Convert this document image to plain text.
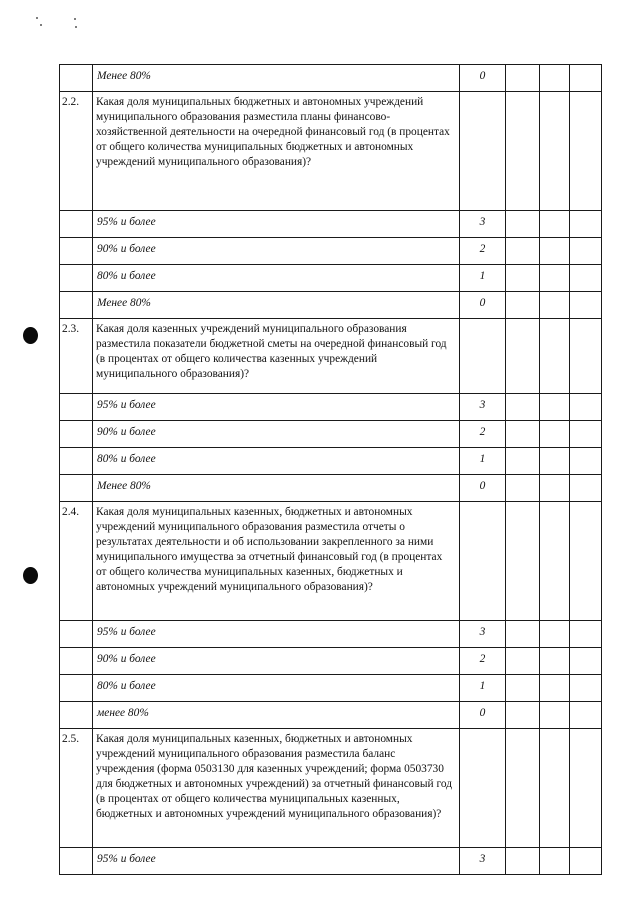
	Менее 80%	0			
2.2.	Какая доля муниципальных бюджетных и автономных учреждений муниципального образования разместила планы финансово-хозяйственной деятельности на очередной финансовый год (в процентах от общего количества муниципальных бюджетных и автономных учреждений муниципального образования)?				
	95% и более	3			
	90% и более	2			
	80% и более	1			
	Менее 80%	0			
2.3.	Какая доля казенных учреждений муниципального образования разместила показатели бюджетной сметы на очередной финансовый год (в процентах от общего количества казенных учреждений муниципального образования)?				
	95% и более	3			
	90% и более	2			
	80% и более	1			
	Менее 80%	0			
2.4.	Какая доля муниципальных казенных, бюджетных и автономных учреждений муниципального образования разместила отчеты о результатах деятельности и об использовании закрепленного за ними муниципального имущества за отчетный финансовый год (в процентах от общего количества муниципальных казенных, бюджетных и автономных учреждений муниципального образования)?				
	95% и более	3			
	90% и более	2			
	80% и более	1			
	менее 80%	0			
2.5.	Какая доля муниципальных казенных, бюджетных и автономных учреждений муниципального образования разместила баланс учреждения (форма 0503130 для казенных учреждений; форма 0503730 для бюджетных и автономных учреждений) за отчетный финансовый год (в процентах от общего количества муниципальных казенных, бюджетных и автономных учреждений муниципального образования)?				
	95% и более	3			
